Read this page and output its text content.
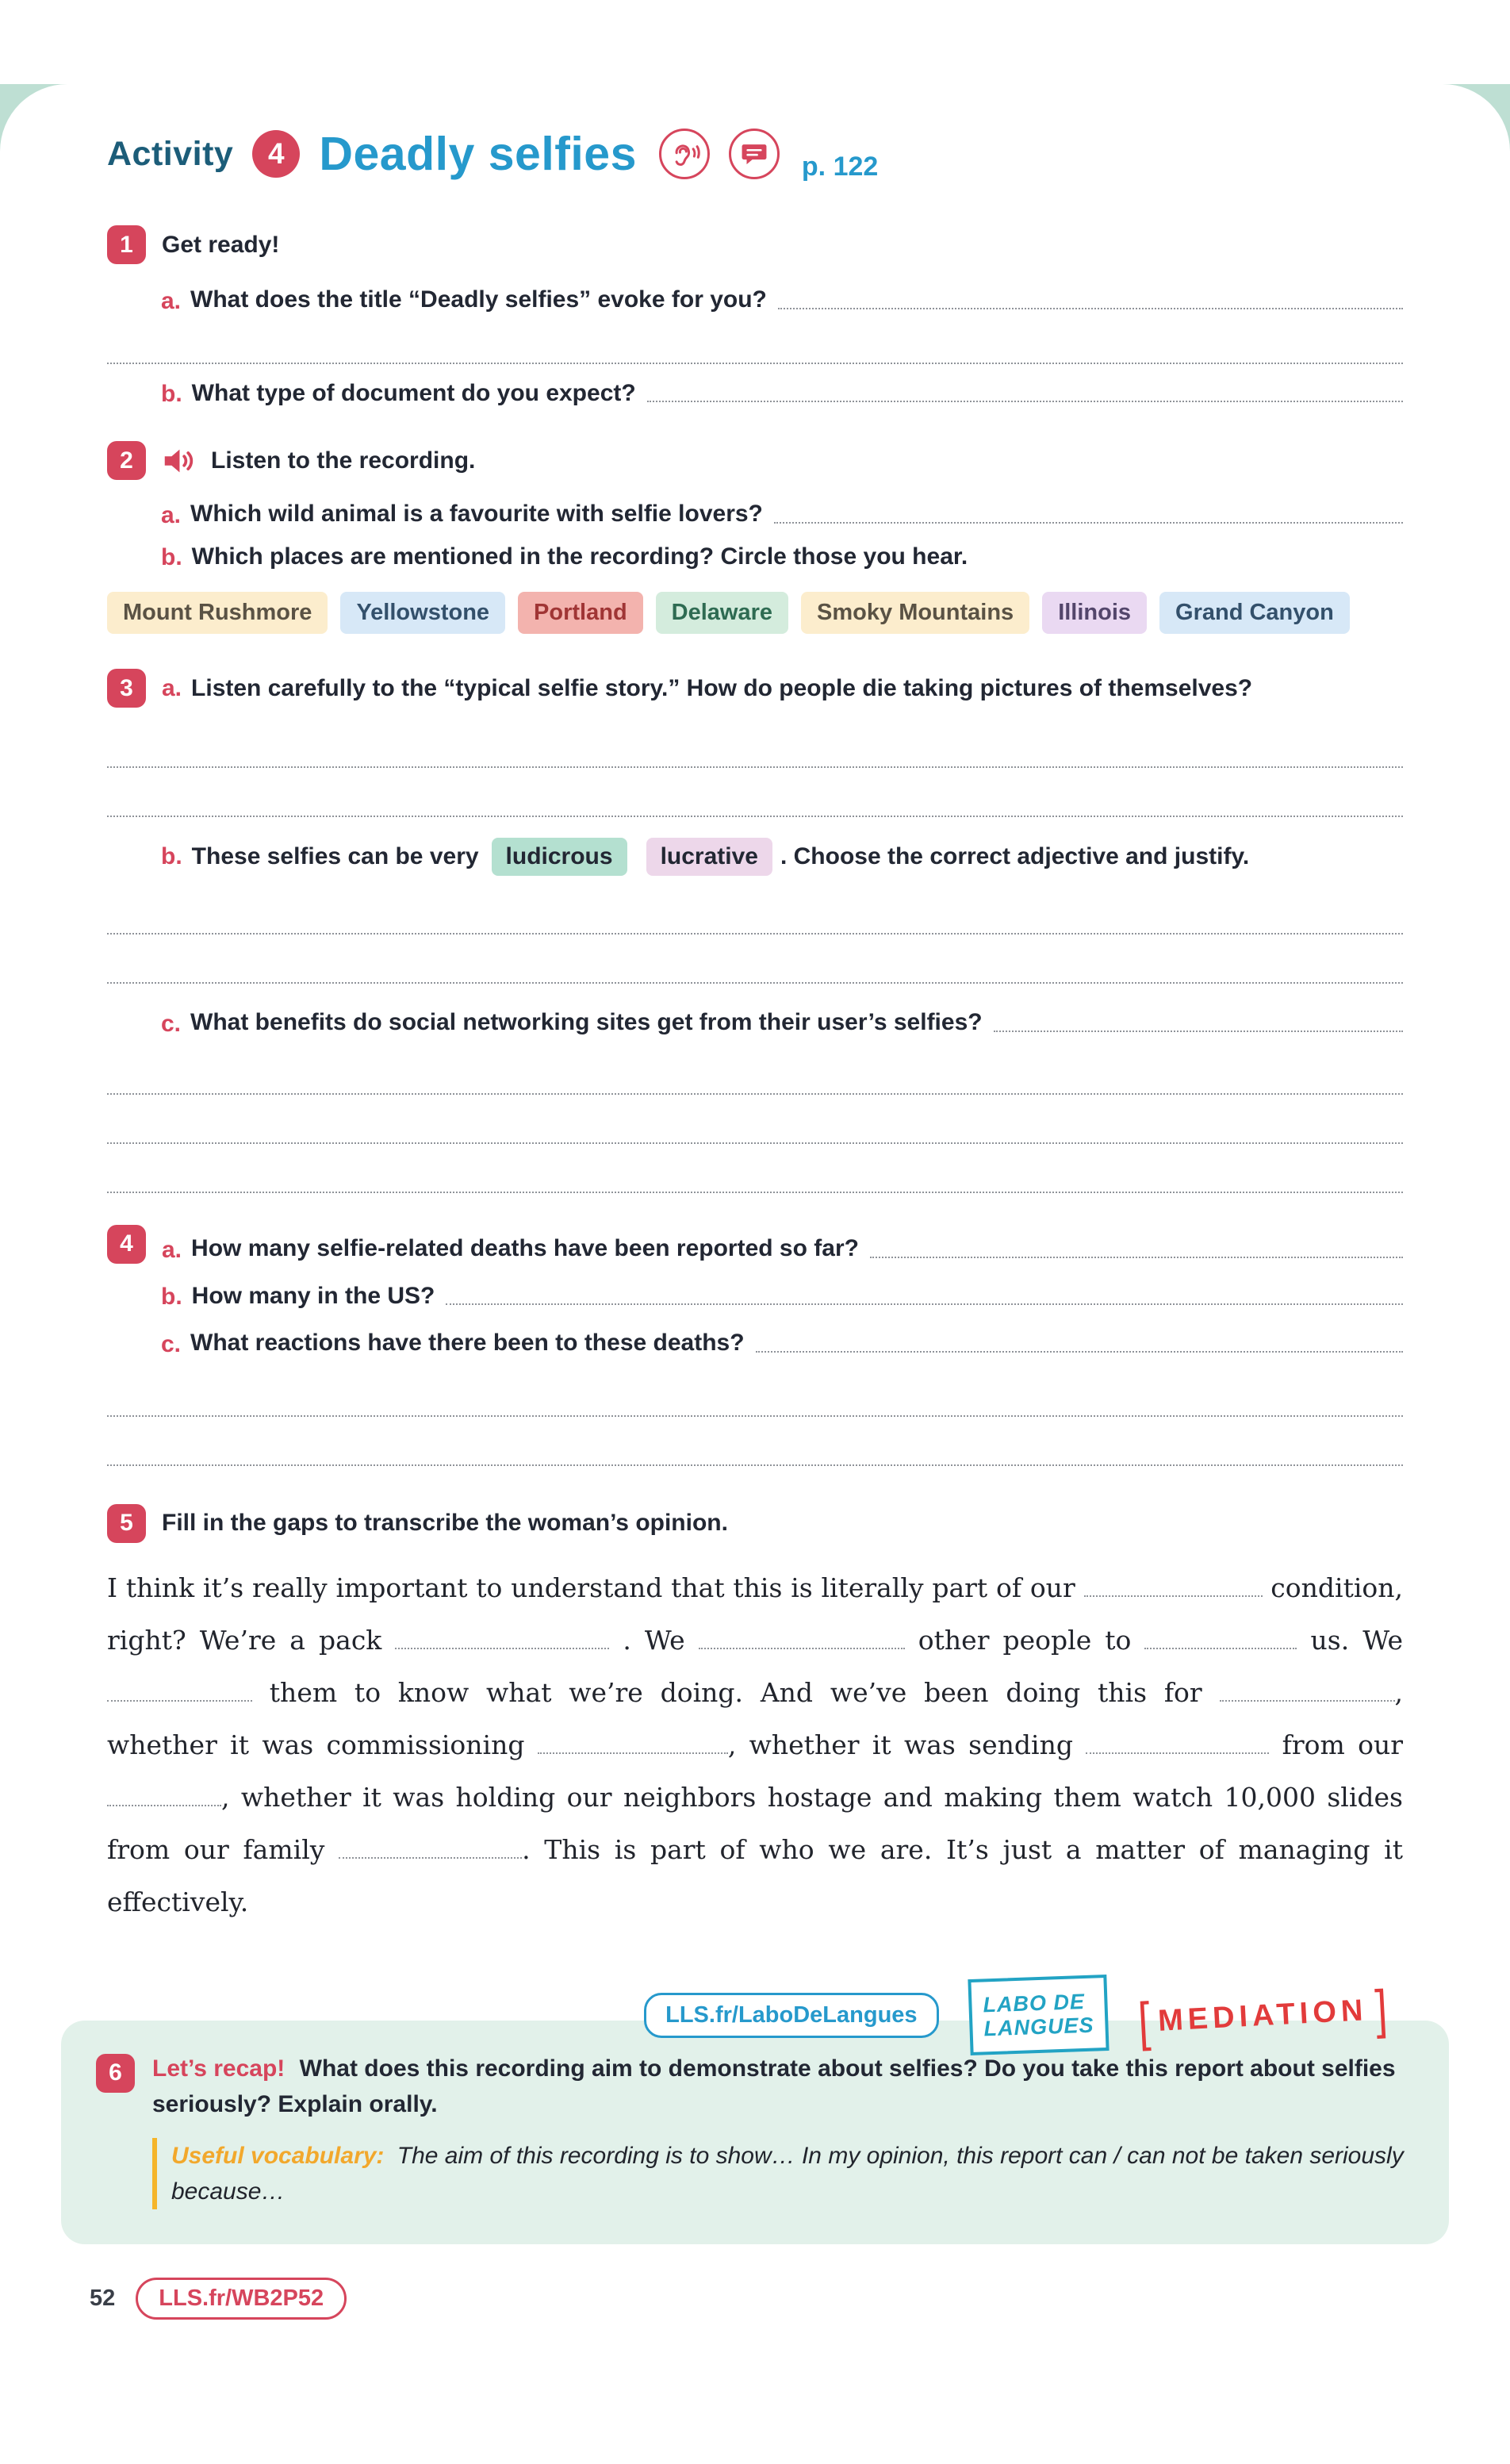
Activity	4 Deadly selfies	p. 122
1	Get ready!
a. What does the title “Deadly selfies” evoke for you?
b. What type of document do you expect?
2	Listen to the recording.
a. Which wild animal is a favourite with selfie lovers?
b. Which places are mentioned in the recording? Circle those you hear.
Mount Rushmore	Yellowstone	Portland	Delaware	Smoky Mountains	Illinois	Grand Canyon
3	a. Listen carefully to the “typical selfie story.” How do people die taking pictures of themselves?
b. These selfies can be very	ludicrous	lucrative . Choose the correct adjective and justify.
c. What benefits do social networking sites get from their user’s selfies?
4	a. How many selfie-related deaths have been reported so far?
b. How many in the US?
c. What reactions have there been to these deaths?
5	Fill in the gaps to transcribe the woman’s opinion.

I think it’s really important to understand that this is literally part of our	condition, right? We’re a pack	. We	other people to	us. We  them to know what we’re doing. And we’ve been doing this for	, whether it was commissioning	, whether it was sending	from our , whether it was holding our neighbors hostage and making them watch 10,000 slides from our family	. This is part of who we are. It’s just a matter of managing it effectively.

LLS.fr/LaboDeLangues	LABO DE
LANGUES [ MEDIATION ]
6	Let’s recap! What does this recording aim to demonstrate about selfies? Do you take this report about selfies seriously? Explain orally.

Useful vocabulary: The aim of this recording is to show… In my opinion, this report can / can not be taken seriously because…
52	LLS.fr/WB2P52
